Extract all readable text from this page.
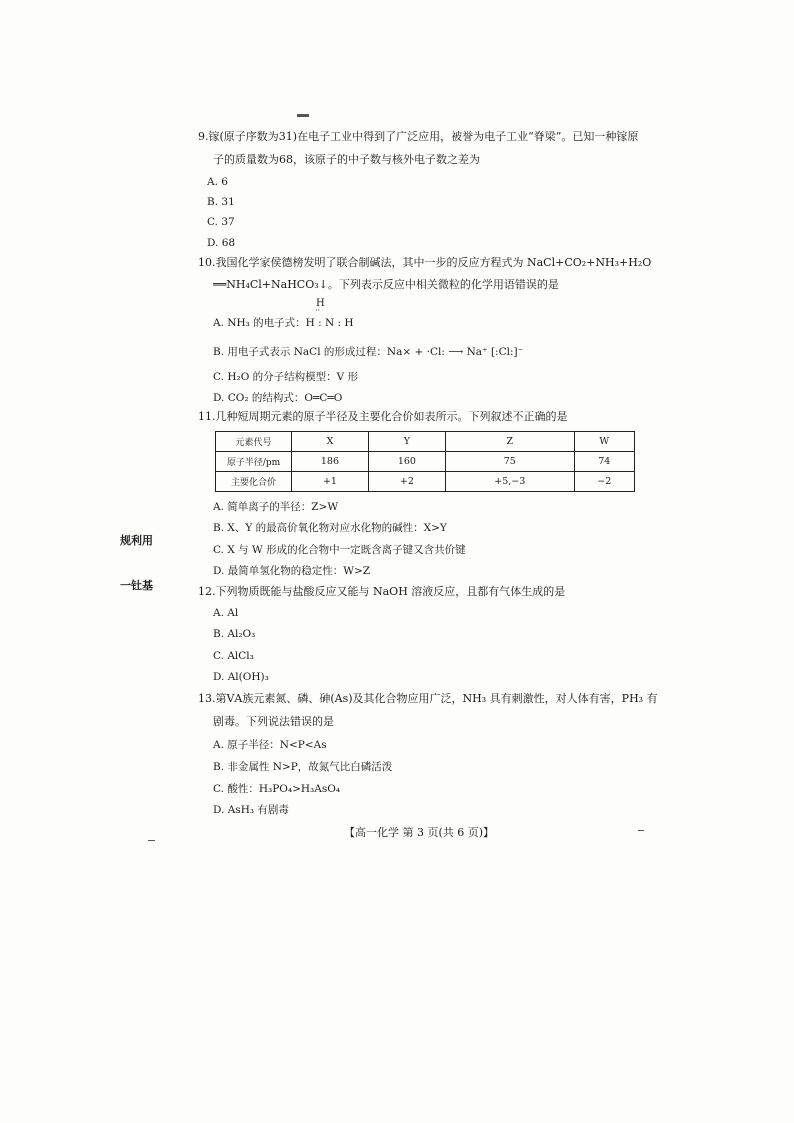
9.镓(原子序数为31)在电子工业中得到了广泛应用，被誉为电子工业“脊梁”。已知一种镓原
子的质量数为68，该原子的中子数与核外电子数之差为
A. 6
B. 31
C. 37
D. 68
10.我国化学家侯德榜发明了联合制碱法，其中一步的反应方程式为 NaCl+CO₂+NH₃+H₂O
══NH₄Cl+NaHCO₃↓。下列表示反应中相关微粒的化学用语错误的是
H
··
A. NH₃ 的电子式：H : N : H
B. 用电子式表示 NaCl 的形成过程：Na× + ·Cl: ⟶ Na⁺ [:Cl:]⁻
C. H₂O 的分子结构模型：V 形
D. CO₂ 的结构式：O═C═O
11.几种短周期元素的原子半径及主要化合价如表所示。下列叙述不正确的是
元素代号	X	Y	Z	W
原子半径/pm	186	160	75	74
主要化合价	+1	+2	+5,−3	−2
A. 简单离子的半径：Z>W
B. X、Y 的最高价氧化物对应水化物的碱性：X>Y
C. X 与 W 形成的化合物中一定既含离子键又含共价键
D. 最简单氢化物的稳定性：W>Z
规利用
一钍基	12.下列物质既能与盐酸反应又能与 NaOH 溶液反应，且都有气体生成的是
A. Al
B. Al₂O₃
C. AlCl₃
D. Al(OH)₃
13.第ⅤA族元素氮、磷、砷(As)及其化合物应用广泛，NH₃ 具有刺激性，对人体有害，PH₃ 有
剧毒。下列说法错误的是
A. 原子半径：N<P<As
B. 非金属性 N>P，故氮气比白磷活泼
C. 酸性：H₃PO₄>H₃AsO₄
D. AsH₃ 有剧毒
【高一化学 第 3 页(共 6 页)】
